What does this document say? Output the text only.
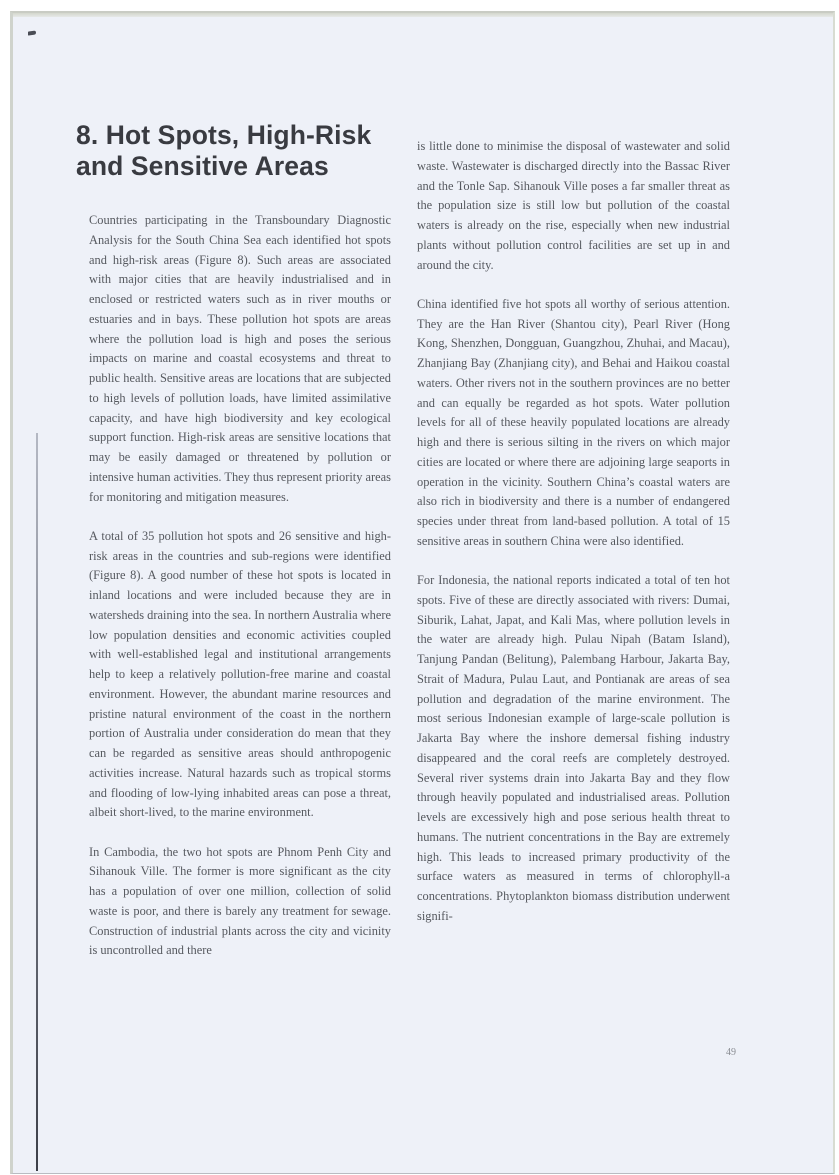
8. Hot Spots, High-Risk and Sensitive Areas

Countries participating in the Transboundary Diagnostic Analysis for the South China Sea each identified hot spots and high-risk areas (Figure 8). Such areas are associated with major cities that are heavily industrialised and in enclosed or restricted waters such as in river mouths or estuaries and in bays. These pollution hot spots are areas where the pollution load is high and poses the serious impacts on marine and coastal ecosystems and threat to public health. Sensitive areas are locations that are subjected to high levels of pollution loads, have limited assimilative capacity, and have high biodiversity and key ecological support function. High-risk areas are sensitive locations that may be easily damaged or threatened by pollution or intensive human activities. They thus represent priority areas for monitoring and mitigation measures.

A total of 35 pollution hot spots and 26 sensitive and high-risk areas in the countries and sub-regions were identified (Figure 8). A good number of these hot spots is located in inland locations and were included because they are in watersheds draining into the sea. In northern Australia where low population densities and economic activities coupled with well-established legal and institutional arrangements help to keep a relatively pollution-free marine and coastal environment. However, the abundant marine resources and pristine natural environment of the coast in the northern portion of Australia under consideration do mean that they can be regarded as sensitive areas should anthropogenic activities increase. Natural hazards such as tropical storms and flooding of low-lying inhabited areas can pose a threat, albeit short-lived, to the marine environment.

In Cambodia, the two hot spots are Phnom Penh City and Sihanouk Ville. The former is more significant as the city has a population of over one million, collection of solid waste is poor, and there is barely any treatment for sewage. Construction of industrial plants across the city and vicinity is uncontrolled and there

is little done to minimise the disposal of wastewater and solid waste. Wastewater is discharged directly into the Bassac River and the Tonle Sap. Sihanouk Ville poses a far smaller threat as the population size is still low but pollution of the coastal waters is already on the rise, especially when new industrial plants without pollution control facilities are set up in and around the city.

China identified five hot spots all worthy of serious attention. They are the Han River (Shantou city), Pearl River (Hong Kong, Shenzhen, Dongguan, Guangzhou, Zhuhai, and Macau), Zhanjiang Bay (Zhanjiang city), and Behai and Haikou coastal waters. Other rivers not in the southern provinces are no better and can equally be regarded as hot spots. Water pollution levels for all of these heavily populated locations are already high and there is serious silting in the rivers on which major cities are located or where there are adjoining large seaports in operation in the vicinity. Southern China’s coastal waters are also rich in biodiversity and there is a number of endangered species under threat from land-based pollution. A total of 15 sensitive areas in southern China were also identified.

For Indonesia, the national reports indicated a total of ten hot spots. Five of these are directly associated with rivers: Dumai, Siburik, Lahat, Japat, and Kali Mas, where pollution levels in the water are already high. Pulau Nipah (Batam Island), Tanjung Pandan (Belitung), Palembang Harbour, Jakarta Bay, Strait of Madura, Pulau Laut, and Pontianak are areas of sea pollution and degradation of the marine environment. The most serious Indonesian example of large-scale pollution is Jakarta Bay where the inshore demersal fishing industry disappeared and the coral reefs are completely destroyed. Several river systems drain into Jakarta Bay and they flow through heavily populated and industrialised areas. Pollution levels are excessively high and pose serious health threat to humans. The nutrient concentrations in the Bay are extremely high. This leads to increased primary productivity of the surface waters as measured in terms of chlorophyll-a concentrations. Phytoplankton biomass distribution underwent signifi-

49
